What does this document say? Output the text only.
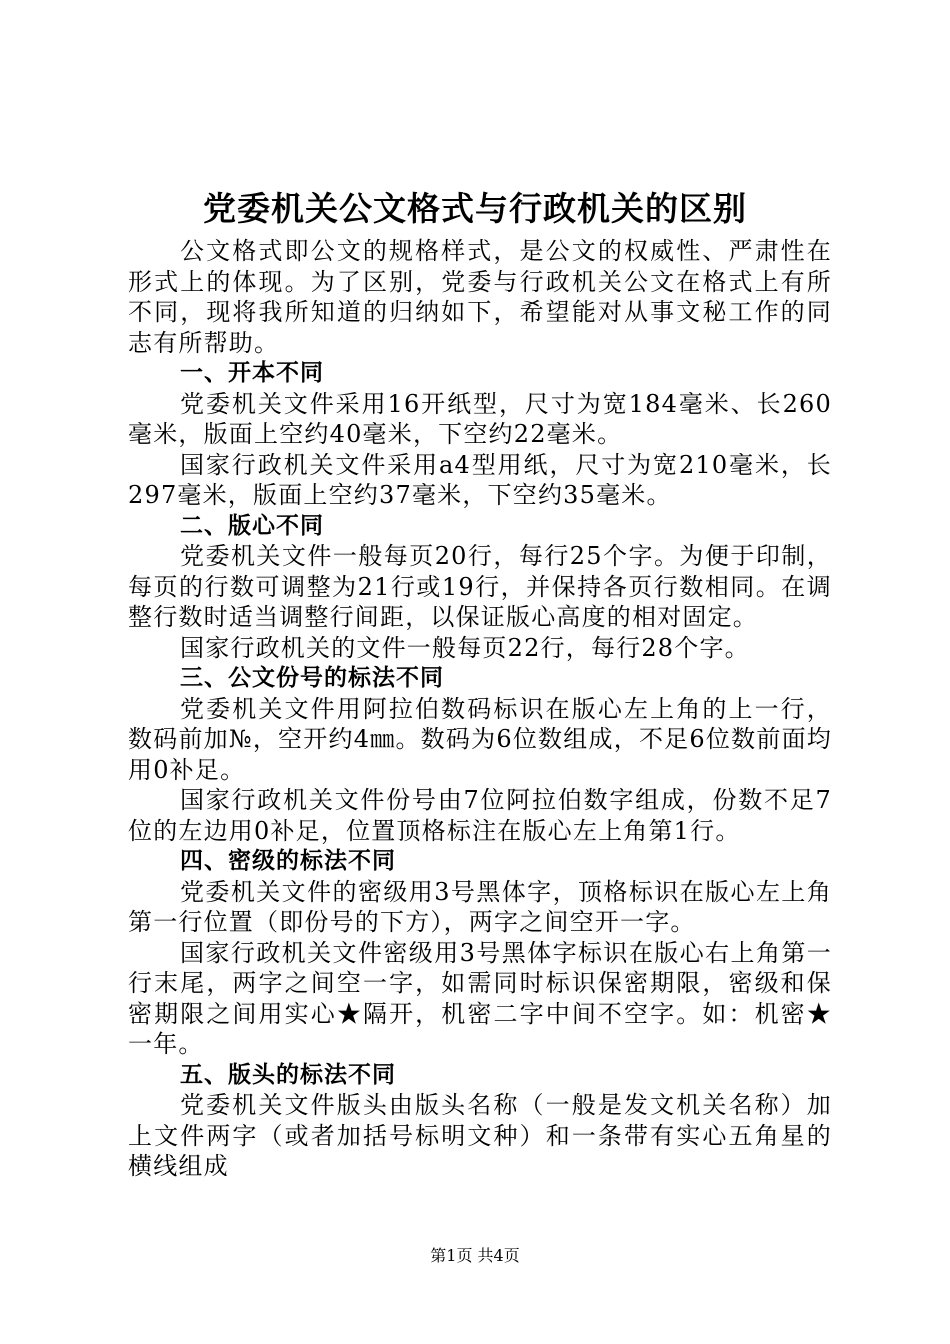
党委机关公文格式与行政机关的区别

公文格式即公文的规格样式，是公文的权威性、严肃性在形式上的体现。为了区别，党委与行政机关公文在格式上有所不同，现将我所知道的归纳如下，希望能对从事文秘工作的同志有所帮助。

一、开本不同

党委机关文件采用16开纸型，尺寸为宽184毫米、长260毫米，版面上空约40毫米，下空约22毫米。

国家行政机关文件采用a4型用纸，尺寸为宽210毫米，长297毫米，版面上空约37毫米，下空约35毫米。

二、版心不同

党委机关文件一般每页20行，每行25个字。为便于印制，每页的行数可调整为21行或19行，并保持各页行数相同。在调整行数时适当调整行间距，以保证版心高度的相对固定。

国家行政机关的文件一般每页22行，每行28个字。

三、公文份号的标法不同

党委机关文件用阿拉伯数码标识在版心左上角的上一行，数码前加№，空开约4㎜。数码为6位数组成，不足6位数前面均用0补足。

国家行政机关文件份号由7位阿拉伯数字组成，份数不足7位的左边用0补足，位置顶格标注在版心左上角第1行。

四、密级的标法不同

党委机关文件的密级用3号黑体字，顶格标识在版心左上角第一行位置（即份号的下方），两字之间空开一字。

国家行政机关文件密级用3号黑体字标识在版心右上角第一行末尾，两字之间空一字，如需同时标识保密期限，密级和保密期限之间用实心★隔开，机密二字中间不空字。如：机密★一年。

五、版头的标法不同

党委机关文件版头由版头名称（一般是发文机关名称）加上文件两字（或者加括号标明文种）和一条带有实心五角星的横线组成

第1页 共4页
